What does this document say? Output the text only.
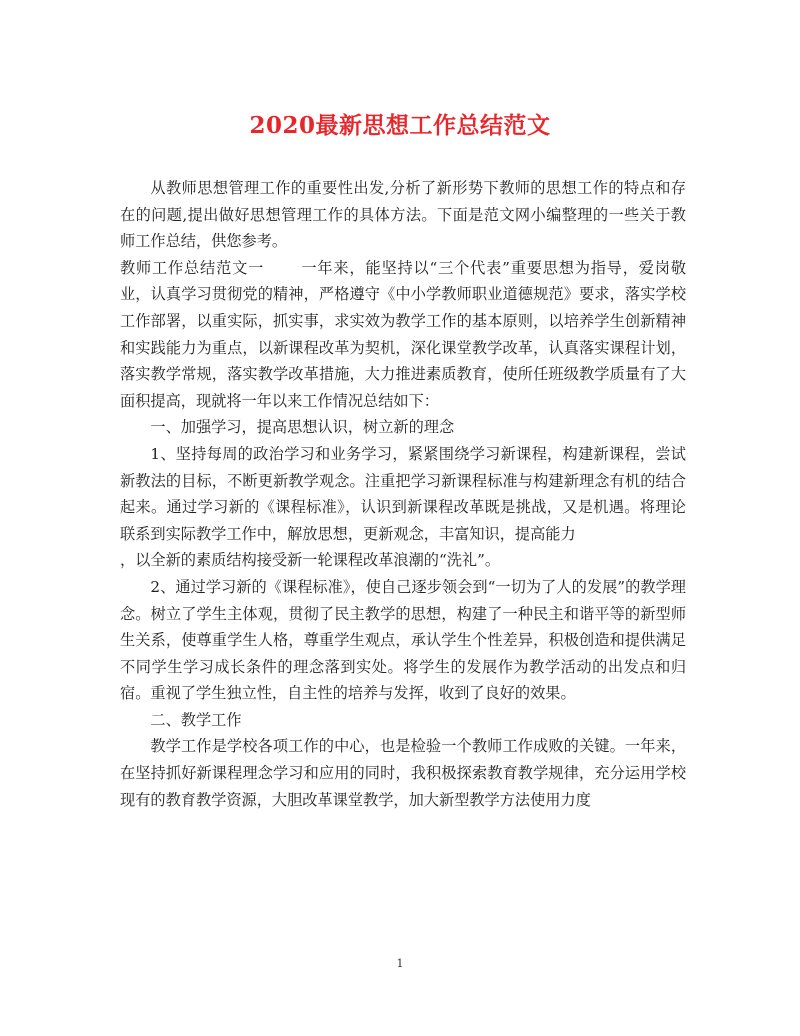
2020最新思想工作总结范文

从教师思想管理工作的重要性出发,分析了新形势下教师的思想工作的特点和存在的问题,提出做好思想管理工作的具体方法。下面是范文网小编整理的一些关于教师工作总结，供您参考。

教师工作总结范文一 一年来，能坚持以“三个代表”重要思想为指导，爱岗敬业，认真学习贯彻党的精神，严格遵守《中小学教师职业道德规范》要求，落实学校工作部署，以重实际，抓实事，求实效为教学工作的基本原则，以培养学生创新精神和实践能力为重点，以新课程改革为契机，深化课堂教学改革，认真落实课程计划，落实教学常规，落实教学改革措施，大力推进素质教育，使所任班级教学质量有了大面积提高，现就将一年以来工作情况总结如下：

一、加强学习，提高思想认识，树立新的理念

1、坚持每周的政治学习和业务学习，紧紧围绕学习新课程，构建新课程，尝试新教法的目标，不断更新教学观念。注重把学习新课程标准与构建新理念有机的结合起来。通过学习新的《课程标准》，认识到新课程改革既是挑战，又是机遇。将理论联系到实际教学工作中，解放思想，更新观念，丰富知识，提高能力
，以全新的素质结构接受新一轮课程改革浪潮的“洗礼”。

2、通过学习新的《课程标准》，使自己逐步领会到“一切为了人的发展”的教学理念。树立了学生主体观，贯彻了民主教学的思想，构建了一种民主和谐平等的新型师生关系，使尊重学生人格，尊重学生观点，承认学生个性差异，积极创造和提供满足不同学生学习成长条件的理念落到实处。将学生的发展作为教学活动的出发点和归宿。重视了学生独立性，自主性的培养与发挥，收到了良好的效果。

二、教学工作

教学工作是学校各项工作的中心，也是检验一个教师工作成败的关键。一年来，在坚持抓好新课程理念学习和应用的同时，我积极探索教育教学规律，充分运用学校现有的教育教学资源，大胆改革课堂教学，加大新型教学方法使用力度

1
